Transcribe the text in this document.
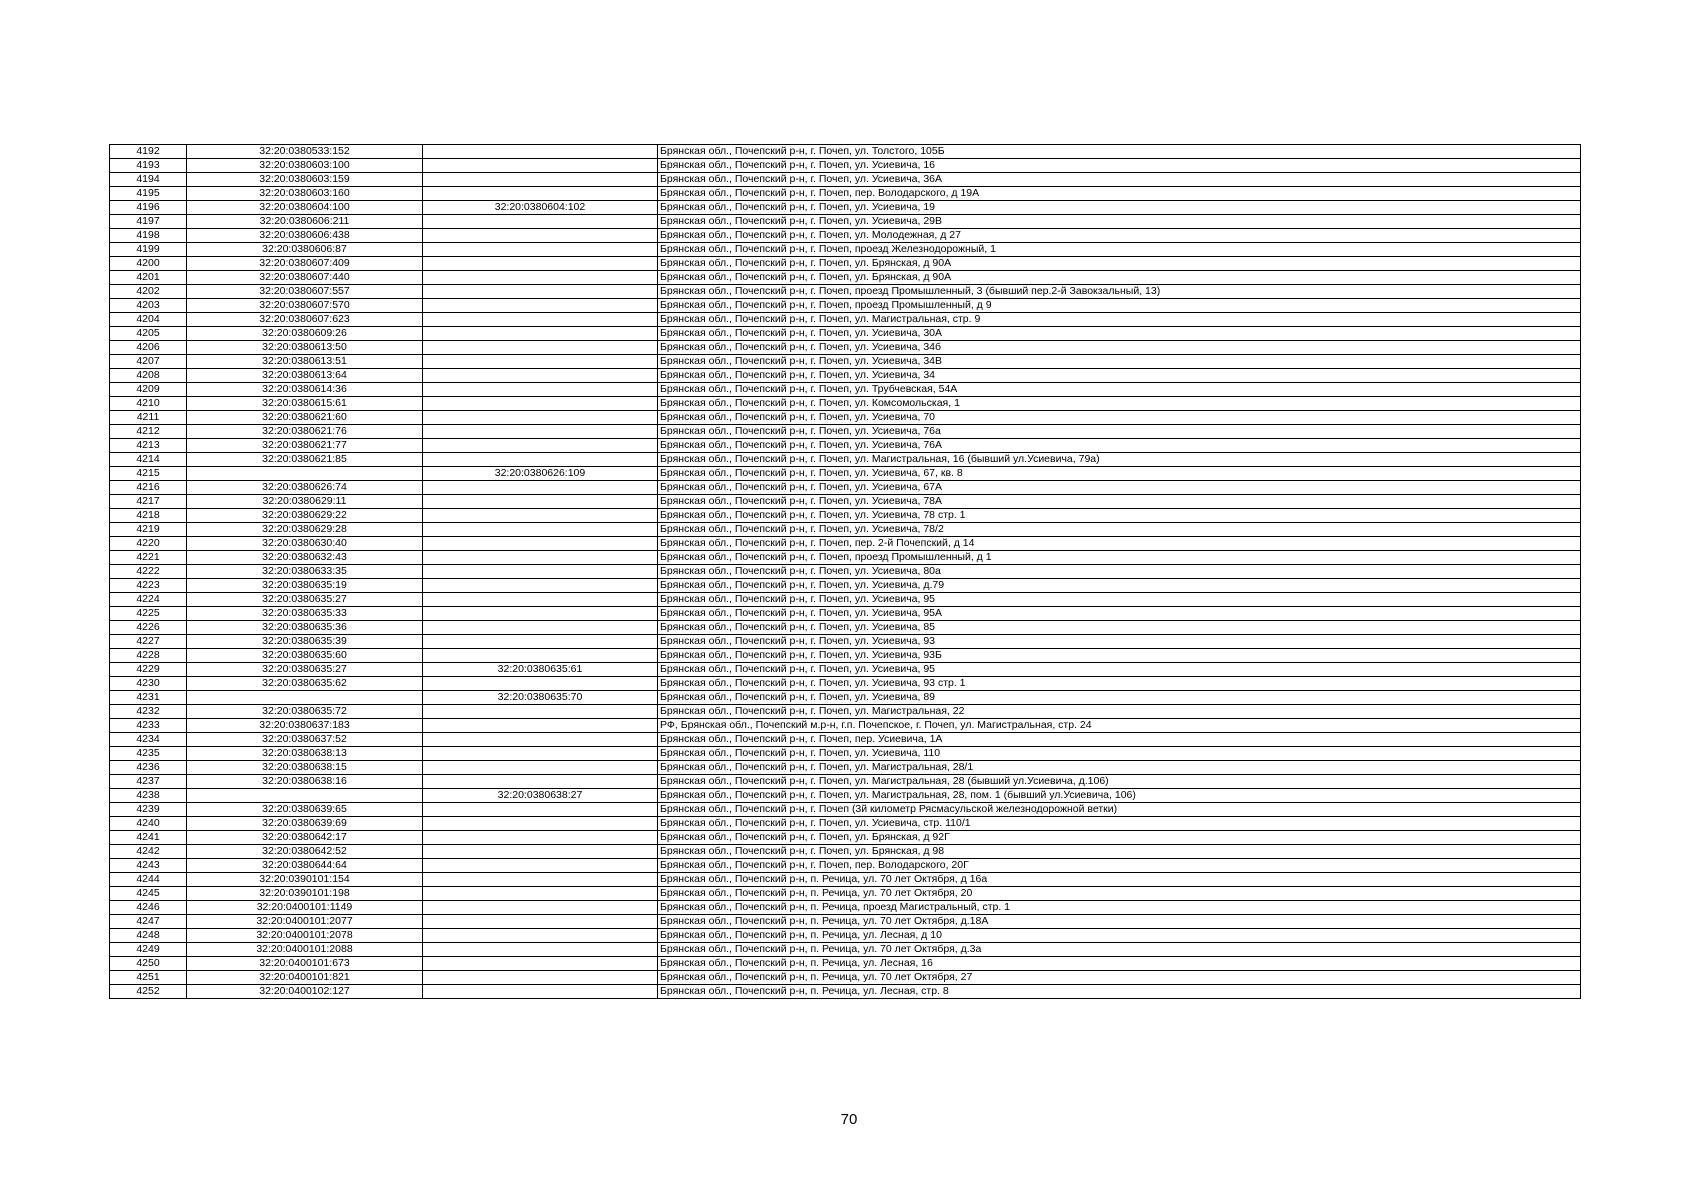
4192	32:20:0380533:152		Брянская обл., Почепский р-н, г. Почеп, ул. Толстого, 105Б
4193	32:20:0380603:100		Брянская обл., Почепский р-н, г. Почеп, ул. Усиевича, 16
4194	32:20:0380603:159		Брянская обл., Почепский р-н, г. Почеп, ул. Усиевича, 36А
4195	32:20:0380603:160		Брянская обл., Почепский р-н, г. Почеп, пер. Володарского, д 19А
4196	32:20:0380604:100	32:20:0380604:102	Брянская обл., Почепский р-н, г. Почеп, ул. Усиевича, 19
4197	32:20:0380606:211		Брянская обл., Почепский р-н, г. Почеп, ул. Усиевича, 29В
4198	32:20:0380606:438		Брянская обл., Почепский р-н, г. Почеп, ул. Молодежная, д 27
4199	32:20:0380606:87		Брянская обл., Почепский р-н, г. Почеп, проезд Железнодорожный, 1
4200	32:20:0380607:409		Брянская обл., Почепский р-н, г. Почеп, ул. Брянская, д 90А
4201	32:20:0380607:440		Брянская обл., Почепский р-н, г. Почеп, ул. Брянская, д 90А
4202	32:20:0380607:557		Брянская обл., Почепский р-н, г. Почеп, проезд Промышленный, 3 (бывший пер.2-й Завокзальный, 13)
4203	32:20:0380607:570		Брянская обл., Почепский р-н, г. Почеп, проезд Промышленный, д 9
4204	32:20:0380607:623		Брянская обл., Почепский р-н, г. Почеп, ул. Магистральная, стр. 9
4205	32:20:0380609:26		Брянская обл., Почепский р-н, г. Почеп, ул. Усиевича, 30А
4206	32:20:0380613:50		Брянская обл., Почепский р-н, г. Почеп, ул. Усиевича, 34б
4207	32:20:0380613:51		Брянская обл., Почепский р-н, г. Почеп, ул. Усиевича, 34В
4208	32:20:0380613:64		Брянская обл., Почепский р-н, г. Почеп, ул. Усиевича, 34
4209	32:20:0380614:36		Брянская обл., Почепский р-н, г. Почеп, ул. Трубчевская, 54А
4210	32:20:0380615:61		Брянская обл., Почепский р-н, г. Почеп, ул. Комсомольская, 1
4211	32:20:0380621:60		Брянская обл., Почепский р-н, г. Почеп, ул. Усиевича, 70
4212	32:20:0380621:76		Брянская обл., Почепский р-н, г. Почеп, ул. Усиевича, 76а
4213	32:20:0380621:77		Брянская обл., Почепский р-н, г. Почеп, ул. Усиевича, 76А
4214	32:20:0380621:85		Брянская обл., Почепский р-н, г. Почеп, ул. Магистральная, 16 (бывший ул.Усиевича, 79а)
4215		32:20:0380626:109	Брянская обл., Почепский р-н, г. Почеп, ул. Усиевича, 67, кв. 8
4216	32:20:0380626:74		Брянская обл., Почепский р-н, г. Почеп, ул. Усиевича, 67А
4217	32:20:0380629:11		Брянская обл., Почепский р-н, г. Почеп, ул. Усиевича, 78А
4218	32:20:0380629:22		Брянская обл., Почепский р-н, г. Почеп, ул. Усиевича, 78 стр. 1
4219	32:20:0380629:28		Брянская обл., Почепский р-н, г. Почеп, ул. Усиевича, 78/2
4220	32:20:0380630:40		Брянская обл., Почепский р-н, г. Почеп, пер. 2-й Почепский, д 14
4221	32:20:0380632:43		Брянская обл., Почепский р-н, г. Почеп, проезд Промышленный, д 1
4222	32:20:0380633:35		Брянская обл., Почепский р-н, г. Почеп, ул. Усиевича, 80а
4223	32:20:0380635:19		Брянская обл., Почепский р-н, г. Почеп, ул. Усиевича, д.79
4224	32:20:0380635:27		Брянская обл., Почепский р-н, г. Почеп, ул. Усиевича, 95
4225	32:20:0380635:33		Брянская обл., Почепский р-н, г. Почеп, ул. Усиевича, 95А
4226	32:20:0380635:36		Брянская обл., Почепский р-н, г. Почеп, ул. Усиевича, 85
4227	32:20:0380635:39		Брянская обл., Почепский р-н, г. Почеп, ул. Усиевича, 93
4228	32:20:0380635:60		Брянская обл., Почепский р-н, г. Почеп, ул. Усиевича, 93Б
4229	32:20:0380635:27	32:20:0380635:61	Брянская обл., Почепский р-н, г. Почеп, ул. Усиевича, 95
4230	32:20:0380635:62		Брянская обл., Почепский р-н, г. Почеп, ул. Усиевича, 93 стр. 1
4231		32:20:0380635:70	Брянская обл., Почепский р-н, г. Почеп, ул. Усиевича, 89
4232	32:20:0380635:72		Брянская обл., Почепский р-н, г. Почеп, ул. Магистральная, 22
4233	32:20:0380637:183		РФ, Брянская обл., Почепский м.р-н, г.п. Почепское, г. Почеп, ул. Магистральная, стр. 24
4234	32:20:0380637:52		Брянская обл., Почепский р-н, г. Почеп, пер. Усиевича, 1А
4235	32:20:0380638:13		Брянская обл., Почепский р-н, г. Почеп, ул. Усиевича, 110
4236	32:20:0380638:15		Брянская обл., Почепский р-н, г. Почеп, ул. Магистральная, 28/1
4237	32:20:0380638:16		Брянская обл., Почепский р-н, г. Почеп, ул. Магистральная, 28 (бывший ул.Усиевича, д.106)
4238		32:20:0380638:27	Брянская обл., Почепский р-н, г. Почеп, ул. Магистральная, 28, пом. 1 (бывший ул.Усиевича, 106)
4239	32:20:0380639:65		Брянская обл., Почепский р-н, г. Почеп (3й километр Рясмасульской железнодорожной ветки)
4240	32:20:0380639:69		Брянская обл., Почепский р-н, г. Почеп, ул. Усиевича, стр. 110/1
4241	32:20:0380642:17		Брянская обл., Почепский р-н, г. Почеп, ул. Брянская, д 92Г
4242	32:20:0380642:52		Брянская обл., Почепский р-н, г. Почеп, ул. Брянская, д 98
4243	32:20:0380644:64		Брянская обл., Почепский р-н, г. Почеп, пер. Володарского, 20Г
4244	32:20:0390101:154		Брянская обл., Почепский р-н, п. Речица, ул. 70 лет Октября, д 16а
4245	32:20:0390101:198		Брянская обл., Почепский р-н, п. Речица, ул. 70 лет Октября, 20
4246	32:20:0400101:1149		Брянская обл., Почепский р-н, п. Речица, проезд Магистральный, стр. 1
4247	32:20:0400101:2077		Брянская обл., Почепский р-н, п. Речица, ул. 70 лет Октября, д.18А
4248	32:20:0400101:2078		Брянская обл., Почепский р-н, п. Речица, ул. Лесная, д 10
4249	32:20:0400101:2088		Брянская обл., Почепский р-н, п. Речица, ул. 70 лет Октября, д.3а
4250	32:20:0400101:673		Брянская обл., Почепский р-н, п. Речица, ул. Лесная, 16
4251	32:20:0400101:821		Брянская обл., Почепский р-н, п. Речица, ул. 70 лет Октября, 27
4252	32:20:0400102:127		Брянская обл., Почепский р-н, п. Речица, ул. Лесная, стр. 8
70
